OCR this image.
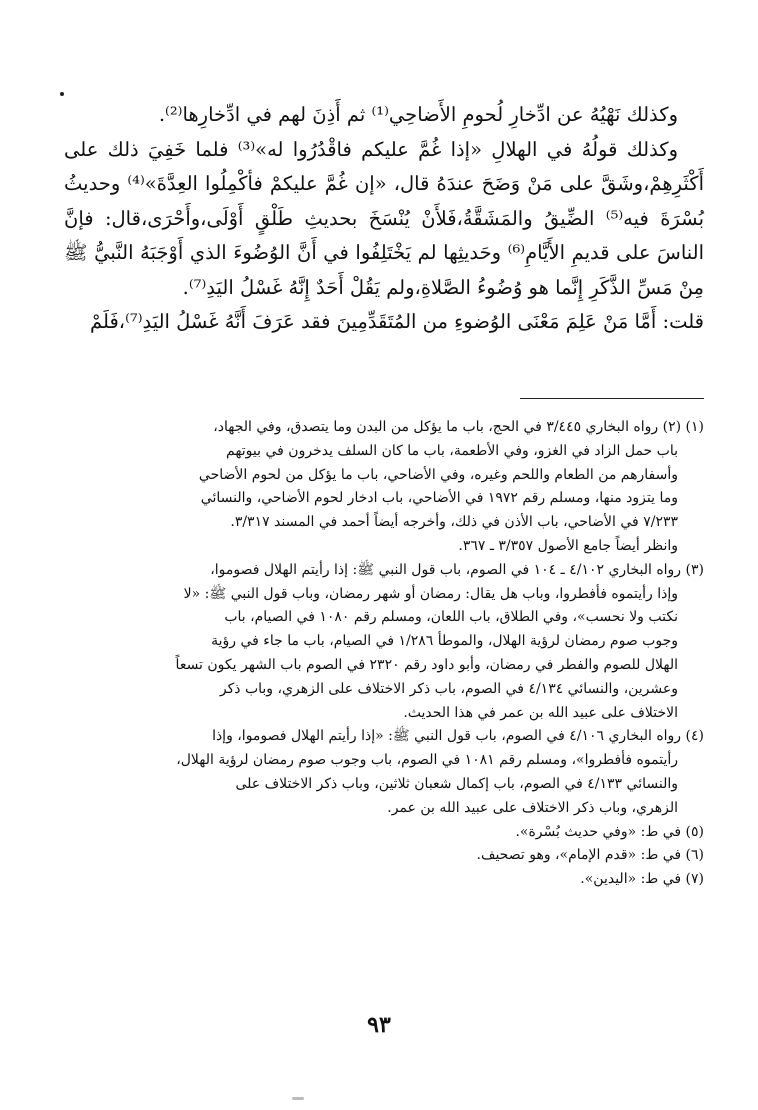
وكذلك نَهْيُهُ عن ادِّخارِ لُحومِ الأَضاحِي⁽¹⁾ ثم أَذِنَ لهم في ادِّخارِها⁽²⁾.

وكذلك قولُهُ في الهلالِ «إذا غُمَّ عليكم فاقْدُرُوا له»⁽³⁾ فلما خَفِيَ ذلك على أَكْثَرِهِمْ،وشَقَّ على مَنْ وَضَحَ عندَهُ قال، «إن غُمَّ عليكمْ فأكْمِلُوا العِدَّةَ»⁽⁴⁾ وحديثُ بُسْرَةَ فيه⁽⁵⁾ الضِّيقُ والمَشَقَّةُ،فَلأَنْ يُنْسَخَ بحديثِ طَلْقٍ أَوْلَى،وأَحْرَى،قال: فإنَّ الناسَ على قديمِ الأَيَّامِ⁽⁶⁾ وحَديثِها لم يَخْتَلِفُوا في أَنَّ الوُضُوءَ الذي أَوْجَبَهُ النَّبيُّ ﷺ مِنْ مَسِّ الذَّكَرِ إِنَّما هو وُضُوءُ الصَّلاةِ،ولم يَقُلْ أَحَدٌ إِنَّهُ غَسْلُ اليَدِ⁽⁷⁾.

قلت: أَمَّا مَنْ عَلِمَ مَعْنَى الوُضوءِ من المُتَقَدِّمِينَ فقد عَرَفَ أَنَّهُ غَسْلُ اليَدِ⁽⁷⁾،فَلَمْ

(١) (٢) رواه البخاري ٣/٤٤٥ في الحج، باب ما يؤكل من البدن وما يتصدق، وفي الجهاد،
باب حمل الزاد في الغزو، وفي الأطعمة، باب ما كان السلف يدخرون في بيوتهم
وأسفارهم من الطعام واللحم وغيره، وفي الأضاحي، باب ما يؤكل من لحوم الأضاحي
وما يتزود منها، ومسلم رقم ١٩٧٢ في الأضاحي، باب ادخار لحوم الأضاحي، والنسائي
٧/٢٣٣ في الأضاحي، باب الأذن في ذلك، وأخرجه أيضاً أحمد في المسند ٣/٣١٧.
وانظر أيضاً جامع الأصول ٣/٣٥٧ ـ ٣٦٧.

(٣) رواه البخاري ٤/١٠٢ ـ ١٠٤ في الصوم، باب قول النبي ﷺ: إذا رأيتم الهلال فصوموا،
وإذا رأيتموه فأفطروا، وباب هل يقال: رمضان أو شهر رمضان، وباب قول النبي ﷺ: «لا
نكتب ولا نحسب»، وفي الطلاق، باب اللعان، ومسلم رقم ١٠٨٠ في الصيام، باب
وجوب صوم رمضان لرؤية الهلال، والموطأ ١/٢٨٦ في الصيام، باب ما جاء في رؤية
الهلال للصوم والفطر في رمضان، وأبو داود رقم ٢٣٢٠ في الصوم باب الشهر يكون تسعاً
وعشرين، والنسائي ٤/١٣٤ في الصوم، باب ذكر الاختلاف على الزهري، وباب ذكر
الاختلاف على عبيد الله بن عمر في هذا الحديث.

(٤) رواه البخاري ٤/١٠٦ في الصوم، باب قول النبي ﷺ: «إذا رأيتم الهلال فصوموا، وإذا
رأيتموه فأفطروا»، ومسلم رقم ١٠٨١ في الصوم، باب وجوب صوم رمضان لرؤية الهلال،
والنسائي ٤/١٣٣ في الصوم، باب إكمال شعبان ثلاثين، وباب ذكر الاختلاف على
الزهري، وباب ذكر الاختلاف على عبيد الله بن عمر.

(٥) في ط: «وفي حديث بُسْرة».

(٦) في ط: «قدم الإمام»، وهو تصحيف.

(٧) في ط: «اليدين».

٩٣
